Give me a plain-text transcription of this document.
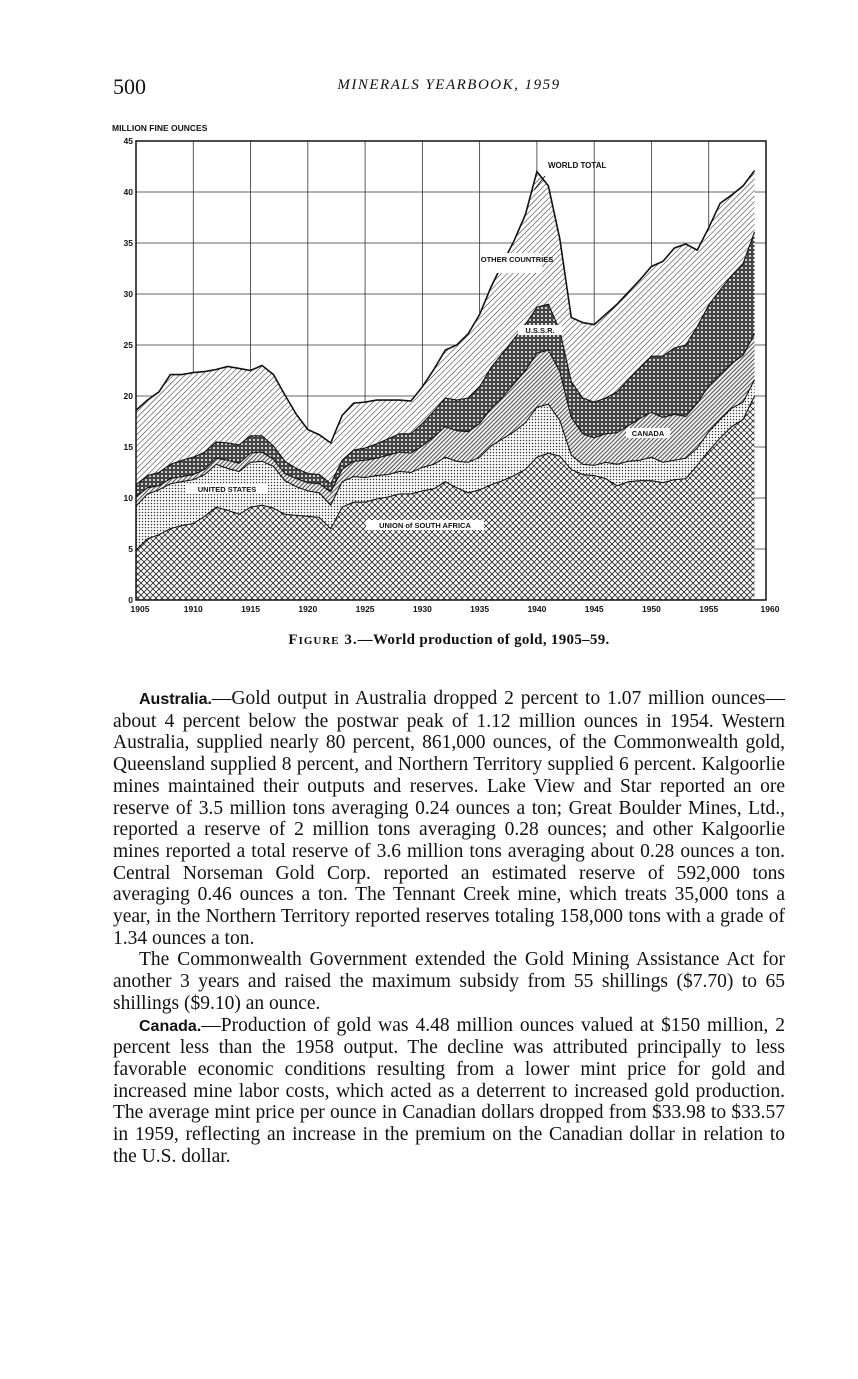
500	MINERALS YEARBOOK, 1959
MILLION FINE OUNCES
0
5
10
15
20
25
30
35
40
45
1905	1910	1915	1920	1925	1930	1935	1940	1945	1950	1955	1960
WORLD TOTAL
OTHER COUNTRIES
U.S.S.R.
CANADA
UNITED STATES
UNION of SOUTH AFRICA
Figure 3.—World production of gold, 1905–59.

Australia.—Gold output in Australia dropped 2 percent to 1.07 million ounces—about 4 percent below the postwar peak of 1.12 million ounces in 1954. Western Australia, supplied nearly 80 percent, 861,000 ounces, of the Commonwealth gold, Queensland supplied 8 percent, and Northern Territory supplied 6 percent. Kalgoorlie mines maintained their outputs and reserves. Lake View and Star reported an ore reserve of 3.5 million tons averaging 0.24 ounces a ton; Great Boulder Mines, Ltd., reported a reserve of 2 million tons averaging 0.28 ounces; and other Kalgoorlie mines reported a total reserve of 3.6 million tons averaging about 0.28 ounces a ton. Central Norseman Gold Corp. reported an estimated reserve of 592,000 tons averaging 0.46 ounces a ton. The Tennant Creek mine, which treats 35,000 tons a year, in the Northern Territory reported reserves totaling 158,000 tons with a grade of 1.34 ounces a ton.

The Commonwealth Government extended the Gold Mining Assistance Act for another 3 years and raised the maximum subsidy from 55 shillings ($7.70) to 65 shillings ($9.10) an ounce.

Canada.—Production of gold was 4.48 million ounces valued at $150 million, 2 percent less than the 1958 output. The decline was attributed principally to less favorable economic conditions resulting from a lower mint price for gold and increased mine labor costs, which acted as a deterrent to increased gold production. The average mint price per ounce in Canadian dollars dropped from $33.98 to $33.57 in 1959, reflecting an increase in the premium on the Canadian dollar in relation to the U.S. dollar.
